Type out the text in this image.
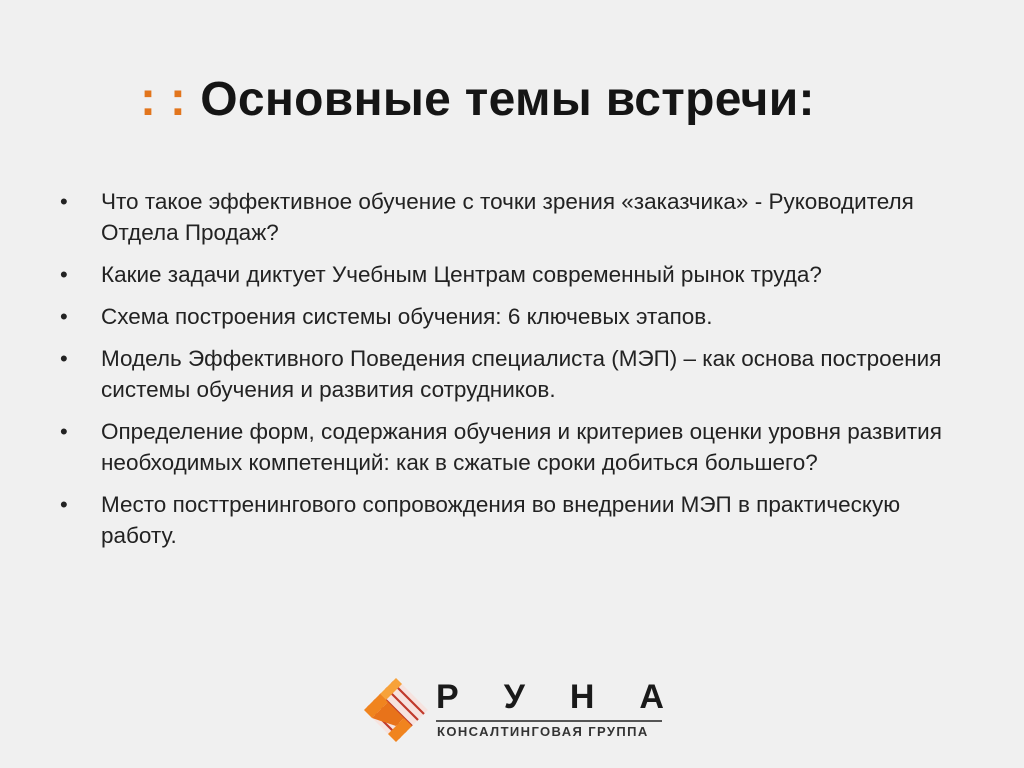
: : Основные темы встречи:
• Что такое эффективное обучение с точки зрения «заказчика» - Руководителя Отдела Продаж?
• Какие задачи диктует Учебным Центрам современный рынок труда?
• Схема построения системы обучения: 6 ключевых этапов.
• Модель Эффективного Поведения специалиста (МЭП) – как основа построения системы обучения и развития сотрудников.
• Определение форм, содержания обучения и критериев оценки уровня развития необходимых компетенций: как в сжатые сроки добиться большего?
• Место посттренингового сопровождения во внедрении МЭП в практическую работу.
Р У Н А
КОНСАЛТИНГОВАЯ ГРУППА
